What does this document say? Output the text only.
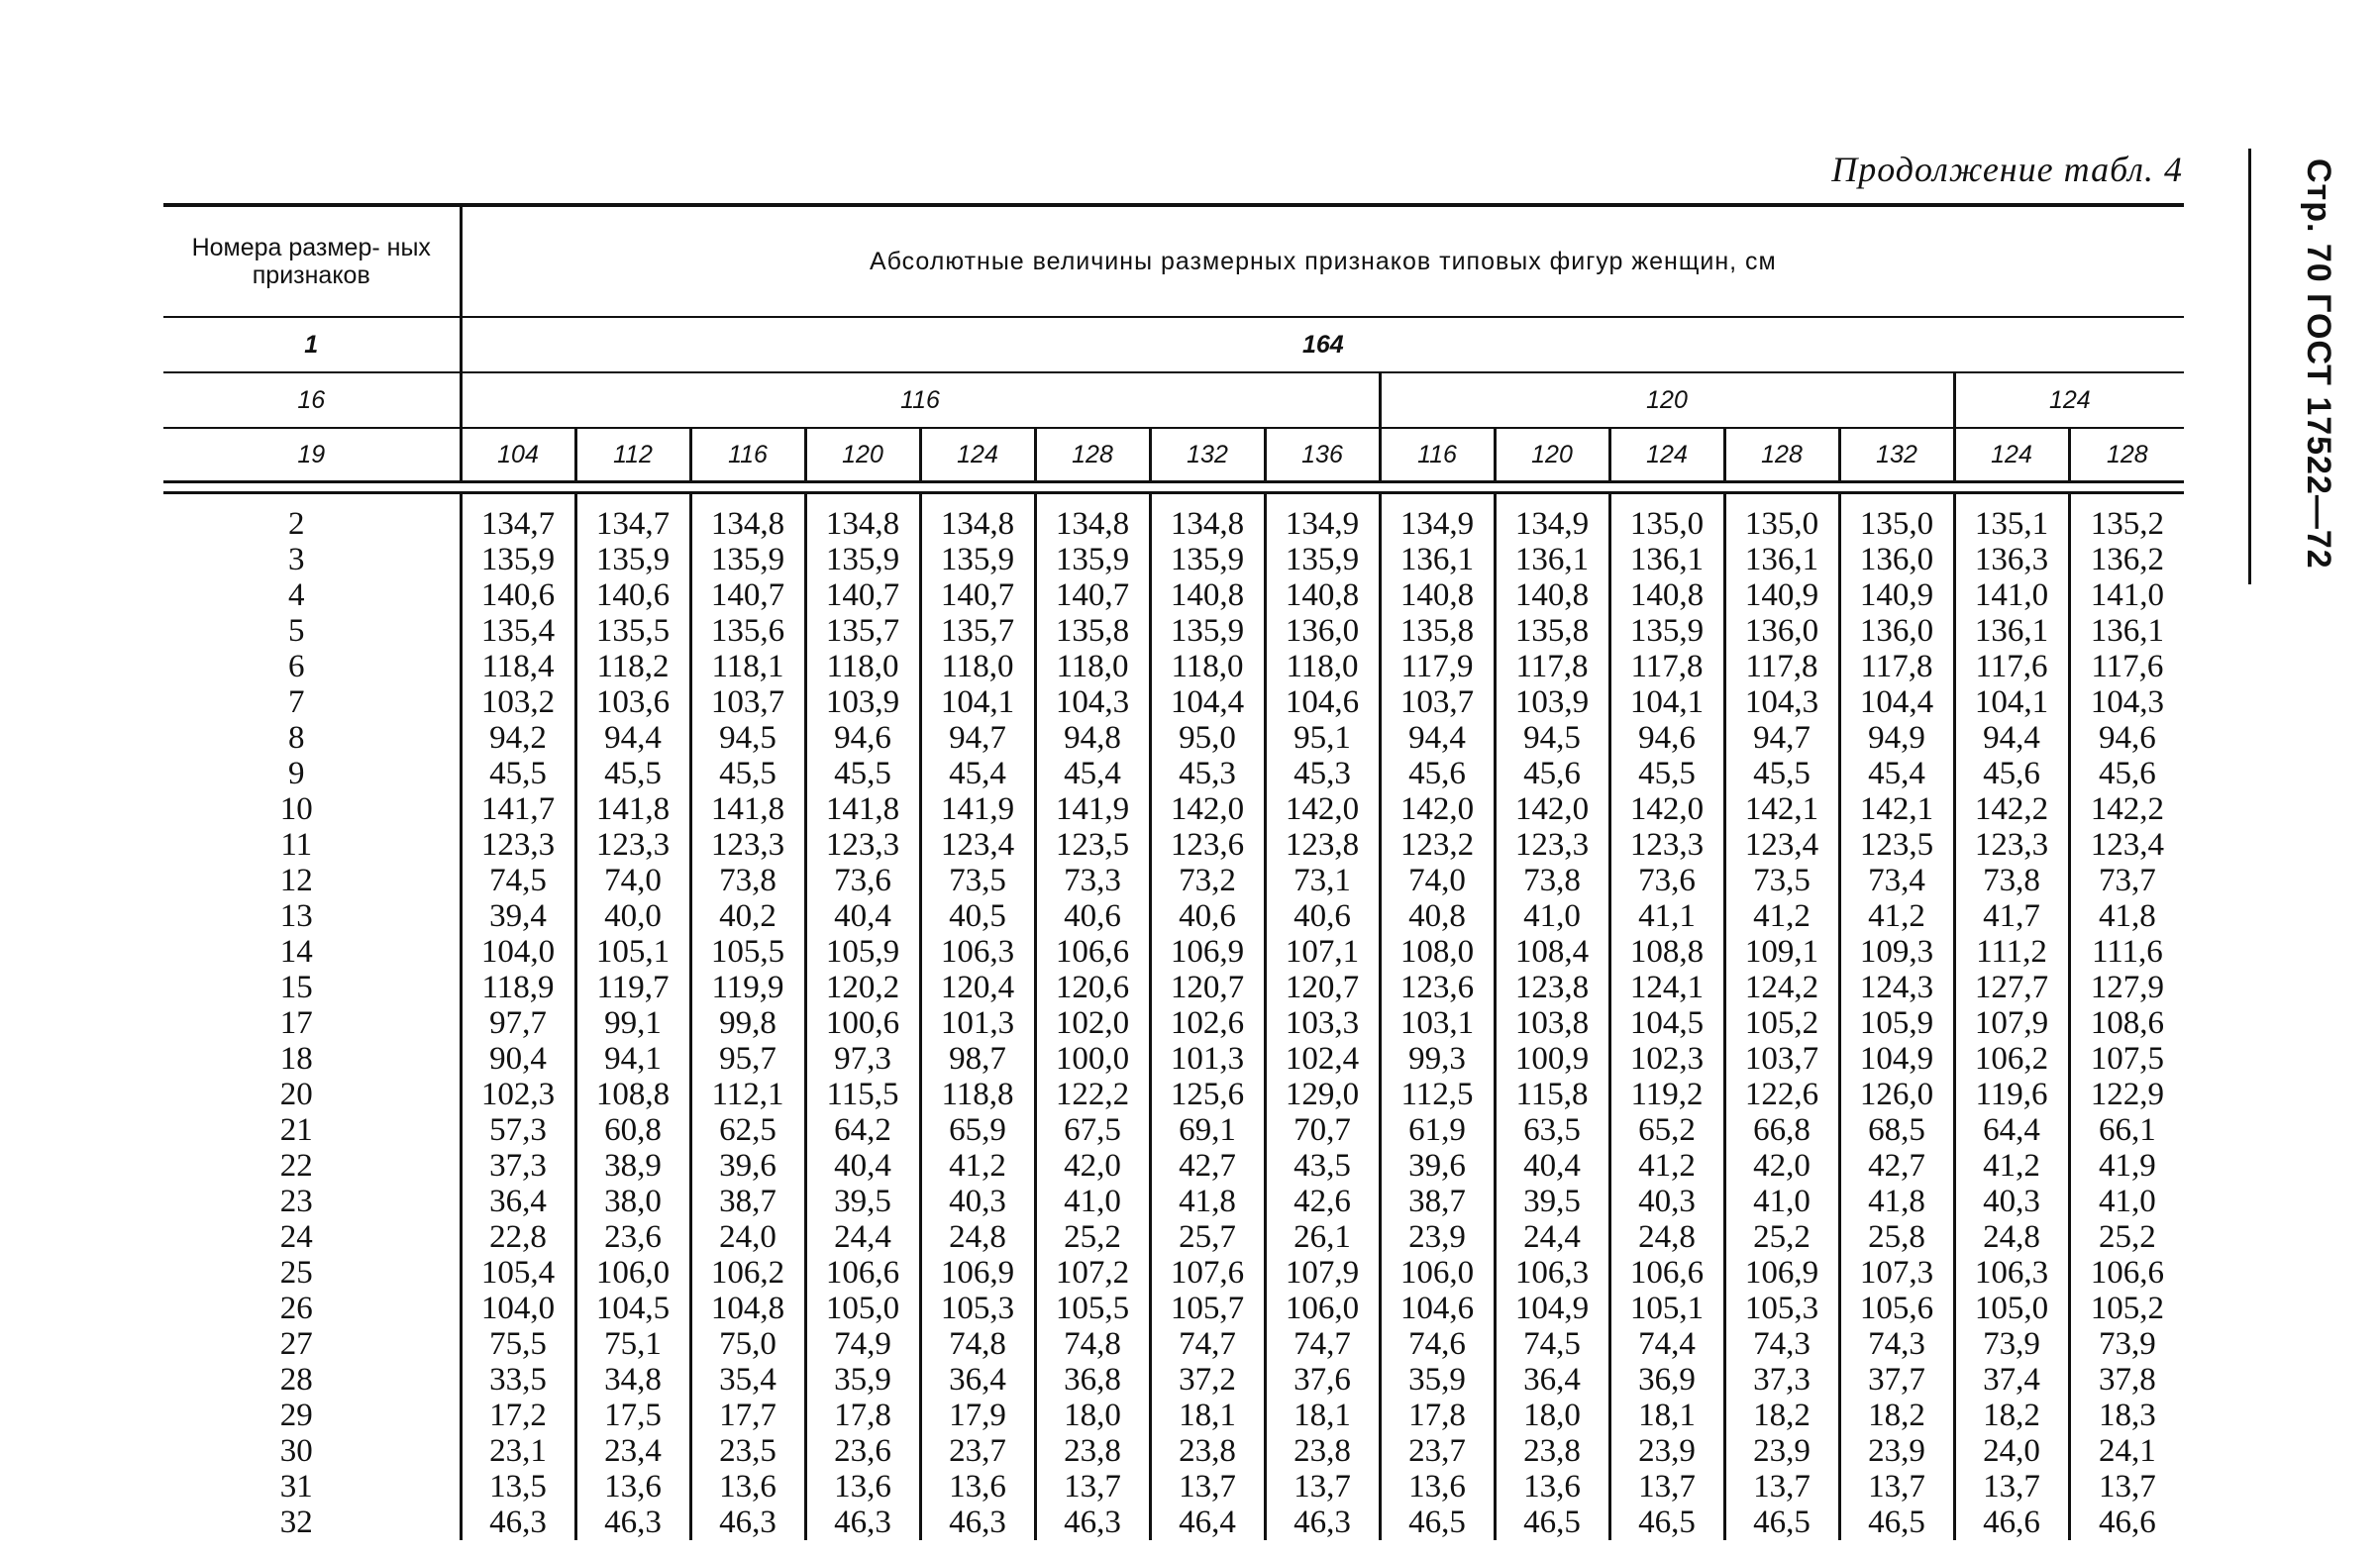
Продолжение табл. 4	Стр. 70 ГОСТ 17522—72
Номера размер- ных признаков	Абсолютные величины размерных признаков типовых фигур женщин, см														
1	164														
16	116								120					124	
19	104	112	116	120	124	128	132	136	116	120	124	128	132	124	128

2	134,7	134,7	134,8	134,8	134,8	134,8	134,8	134,9	134,9	134,9	135,0	135,0	135,0	135,1	135,2
3	135,9	135,9	135,9	135,9	135,9	135,9	135,9	135,9	136,1	136,1	136,1	136,1	136,0	136,3	136,2
4	140,6	140,6	140,7	140,7	140,7	140,7	140,8	140,8	140,8	140,8	140,8	140,9	140,9	141,0	141,0
5	135,4	135,5	135,6	135,7	135,7	135,8	135,9	136,0	135,8	135,8	135,9	136,0	136,0	136,1	136,1
6	118,4	118,2	118,1	118,0	118,0	118,0	118,0	118,0	117,9	117,8	117,8	117,8	117,8	117,6	117,6
7	103,2	103,6	103,7	103,9	104,1	104,3	104,4	104,6	103,7	103,9	104,1	104,3	104,4	104,1	104,3
8	94,2	94,4	94,5	94,6	94,7	94,8	95,0	95,1	94,4	94,5	94,6	94,7	94,9	94,4	94,6
9	45,5	45,5	45,5	45,5	45,4	45,4	45,3	45,3	45,6	45,6	45,5	45,5	45,4	45,6	45,6
10	141,7	141,8	141,8	141,8	141,9	141,9	142,0	142,0	142,0	142,0	142,0	142,1	142,1	142,2	142,2
11	123,3	123,3	123,3	123,3	123,4	123,5	123,6	123,8	123,2	123,3	123,3	123,4	123,5	123,3	123,4
12	74,5	74,0	73,8	73,6	73,5	73,3	73,2	73,1	74,0	73,8	73,6	73,5	73,4	73,8	73,7
13	39,4	40,0	40,2	40,4	40,5	40,6	40,6	40,6	40,8	41,0	41,1	41,2	41,2	41,7	41,8
14	104,0	105,1	105,5	105,9	106,3	106,6	106,9	107,1	108,0	108,4	108,8	109,1	109,3	111,2	111,6
15	118,9	119,7	119,9	120,2	120,4	120,6	120,7	120,7	123,6	123,8	124,1	124,2	124,3	127,7	127,9
17	97,7	99,1	99,8	100,6	101,3	102,0	102,6	103,3	103,1	103,8	104,5	105,2	105,9	107,9	108,6
18	90,4	94,1	95,7	97,3	98,7	100,0	101,3	102,4	99,3	100,9	102,3	103,7	104,9	106,2	107,5
20	102,3	108,8	112,1	115,5	118,8	122,2	125,6	129,0	112,5	115,8	119,2	122,6	126,0	119,6	122,9
21	57,3	60,8	62,5	64,2	65,9	67,5	69,1	70,7	61,9	63,5	65,2	66,8	68,5	64,4	66,1
22	37,3	38,9	39,6	40,4	41,2	42,0	42,7	43,5	39,6	40,4	41,2	42,0	42,7	41,2	41,9
23	36,4	38,0	38,7	39,5	40,3	41,0	41,8	42,6	38,7	39,5	40,3	41,0	41,8	40,3	41,0
24	22,8	23,6	24,0	24,4	24,8	25,2	25,7	26,1	23,9	24,4	24,8	25,2	25,8	24,8	25,2
25	105,4	106,0	106,2	106,6	106,9	107,2	107,6	107,9	106,0	106,3	106,6	106,9	107,3	106,3	106,6
26	104,0	104,5	104,8	105,0	105,3	105,5	105,7	106,0	104,6	104,9	105,1	105,3	105,6	105,0	105,2
27	75,5	75,1	75,0	74,9	74,8	74,8	74,7	74,7	74,6	74,5	74,4	74,3	74,3	73,9	73,9
28	33,5	34,8	35,4	35,9	36,4	36,8	37,2	37,6	35,9	36,4	36,9	37,3	37,7	37,4	37,8
29	17,2	17,5	17,7	17,8	17,9	18,0	18,1	18,1	17,8	18,0	18,1	18,2	18,2	18,2	18,3
30	23,1	23,4	23,5	23,6	23,7	23,8	23,8	23,8	23,7	23,8	23,9	23,9	23,9	24,0	24,1
31	13,5	13,6	13,6	13,6	13,6	13,7	13,7	13,7	13,6	13,6	13,7	13,7	13,7	13,7	13,7
32	46,3	46,3	46,3	46,3	46,3	46,3	46,4	46,3	46,5	46,5	46,5	46,5	46,5	46,6	46,6
